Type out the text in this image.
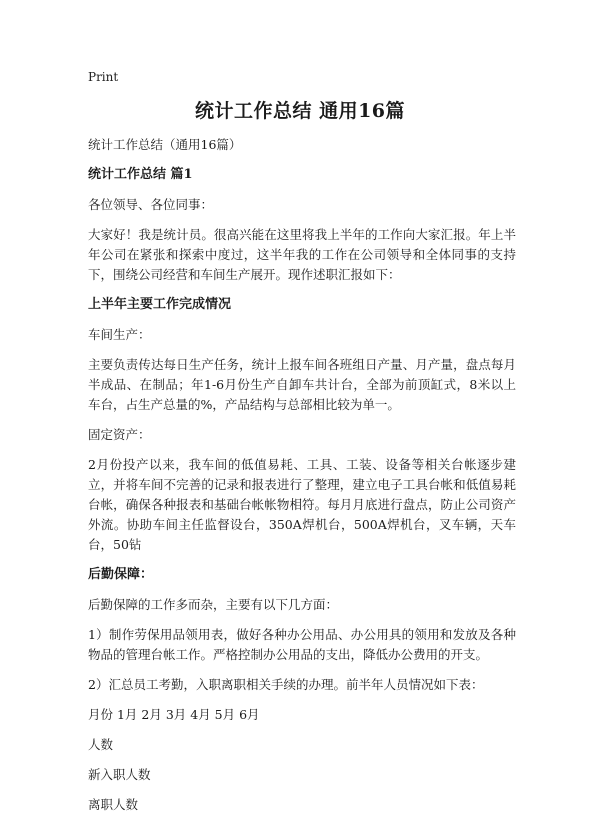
Print
统计工作总结 通用16篇

统计工作总结（通用16篇）

统计工作总结 篇1

各位领导、各位同事：

大家好！我是统计员。很高兴能在这里将我上半年的工作向大家汇报。年上半年公司在紧张和探索中度过，这半年我的工作在公司领导和全体同事的支持下，围绕公司经营和车间生产展开。现作述职汇报如下：

上半年主要工作完成情况

车间生产：

主要负责传达每日生产任务，统计上报车间各班组日产量、月产量，盘点每月半成品、在制品；年1-6月份生产自卸车共计台，全部为前顶缸式，8米以上车台，占生产总量的%，产品结构与总部相比较为单一。

固定资产：

2月份投产以来，我车间的低值易耗、工具、工装、设备等相关台帐逐步建立，并将车间不完善的记录和报表进行了整理，建立电子工具台帐和低值易耗台帐，确保各种报表和基础台帐帐物相符。每月月底进行盘点，防止公司资产外流。协助车间主任监督设台，350A焊机台，500A焊机台，叉车辆，天车台，50钻

后勤保障：

后勤保障的工作多而杂，主要有以下几方面：

1）制作劳保用品领用表，做好各种办公用品、办公用具的领用和发放及各种物品的管理台帐工作。严格控制办公用品的支出，降低办公费用的开支。

2）汇总员工考勤，入职离职相关手续的办理。前半年人员情况如下表：

月份 1月 2月 3月 4月 5月 6月

人数

新入职人数

离职人数
